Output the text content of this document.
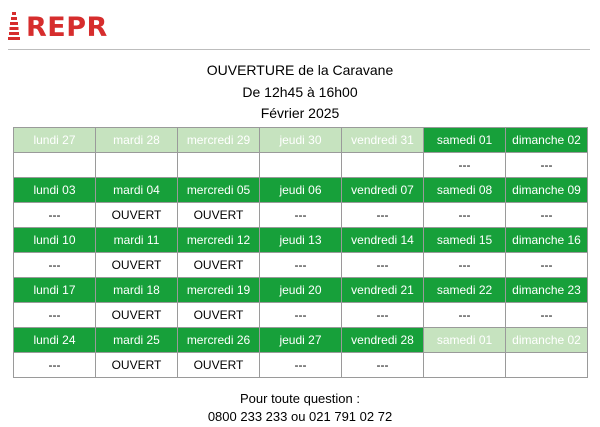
REPR
OUVERTURE de la Caravane
De 12h45 à 16h00
Février 2025
lundi 27	mardi 28	mercredi 29	jeudi 30	vendredi 31	samedi 01	dimanche 02
					---	---
lundi 03	mardi 04	mercredi 05	jeudi 06	vendredi 07	samedi 08	dimanche 09
---	OUVERT	OUVERT	---	---	---	---
lundi 10	mardi 11	mercredi 12	jeudi 13	vendredi 14	samedi 15	dimanche 16
---	OUVERT	OUVERT	---	---	---	---
lundi 17	mardi 18	mercredi 19	jeudi 20	vendredi 21	samedi 22	dimanche 23
---	OUVERT	OUVERT	---	---	---	---
lundi 24	mardi 25	mercredi 26	jeudi 27	vendredi 28	samedi 01	dimanche 02
---	OUVERT	OUVERT	---	---		
Pour toute question :
0800 233 233 ou 021 791 02 72
